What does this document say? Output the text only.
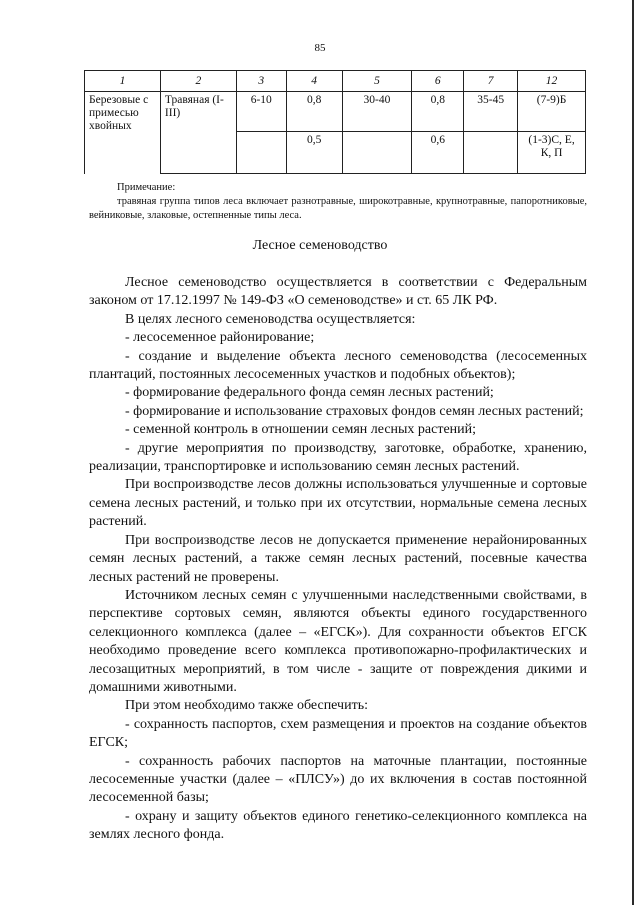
85
1	2	3	4	5	6	7	12
Березовые с примесью хвойных	Травяная (I-III)	6-10	0,8	30-40	0,8	35-45	(7-9)Б
			0,5		0,6		(1-3)С, Е, К, П
Примечание:
травяная группа типов леса включает разнотравные, широкотравные, крупнотравные, папоротниковые, вейниковые, злаковые, остепненные типы леса.
Лесное семеноводство

Лесное семеноводство осуществляется в соответствии с Федеральным законом от 17.12.1997 № 149-ФЗ «О семеноводстве» и ст. 65 ЛК РФ.

В целях лесного семеноводства осуществляется:

- лесосеменное районирование;

- создание и выделение объекта лесного семеноводства (лесосеменных плантаций, постоянных лесосеменных участков и подобных объектов);

- формирование федерального фонда семян лесных растений;

- формирование и использование страховых фондов семян лесных растений;

- семенной контроль в отношении семян лесных растений;

- другие мероприятия по производству, заготовке, обработке, хранению, реализации, транспортировке и использованию семян лесных растений.

При воспроизводстве лесов должны использоваться улучшенные и сортовые семена лесных растений, и только при их отсутствии, нормальные семена лесных растений.

При воспроизводстве лесов не допускается применение нерайонированных семян лесных растений, а также семян лесных растений, посевные качества лесных растений не проверены.

Источником лесных семян с улучшенными наследственными свойствами, в перспективе сортовых семян, являются объекты единого государственного селекционного комплекса (далее – «ЕГСК»). Для сохранности объектов ЕГСК необходимо проведение всего комплекса противопожарно-профилактических и лесозащитных мероприятий, в том числе - защите от повреждения дикими и домашними животными.

При этом необходимо также обеспечить:

- сохранность паспортов, схем размещения и проектов на создание объектов ЕГСК;

- сохранность рабочих паспортов на маточные плантации, постоянные лесосеменные участки (далее – «ПЛСУ») до их включения в состав постоянной лесосеменной базы;

- охрану и защиту объектов единого генетико-селекционного комплекса на землях лесного фонда.
